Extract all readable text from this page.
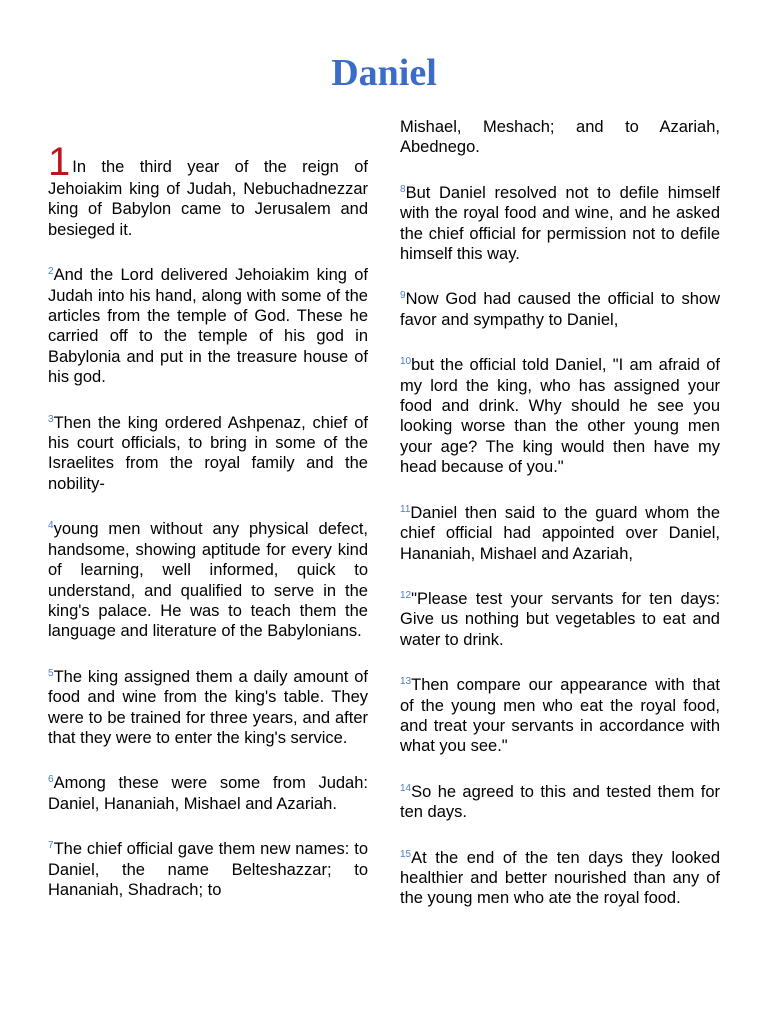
Daniel

1 In the third year of the reign of Jehoiakim king of Judah, Nebuchadnezzar king of Babylon came to Jerusalem and besieged it.

$^2$And the Lord delivered Jehoiakim king of Judah into his hand, along with some of the articles from the temple of God. These he carried off to the temple of his god in Babylonia and put in the treasure house of his god.

$^3$Then the king ordered Ashpenaz, chief of his court officials, to bring in some of the Israelites from the royal family and the nobility-

$^4$young men without any physical defect, handsome, showing aptitude for every kind of learning, well informed, quick to understand, and qualified to serve in the king's palace. He was to teach them the language and literature of the Babylonians.

$^5$The king assigned them a daily amount of food and wine from the king's table. They were to be trained for three years, and after that they were to enter the king's service.

$^6$Among these were some from Judah: Daniel, Hananiah, Mishael and Azariah.

$^7$The chief official gave them new names: to Daniel, the name Belteshazzar; to Hananiah, Shadrach; to

Mishael, Meshach; and to Azariah, Abednego.

$^8$But Daniel resolved not to defile himself with the royal food and wine, and he asked the chief official for permission not to defile himself this way.

$^9$Now God had caused the official to show favor and sympathy to Daniel,

$^{10}$but the official told Daniel, "I am afraid of my lord the king, who has assigned your food and drink. Why should he see you looking worse than the other young men your age? The king would then have my head because of you."

$^{11}$Daniel then said to the guard whom the chief official had appointed over Daniel, Hananiah, Mishael and Azariah,

$^{12}$"Please test your servants for ten days: Give us nothing but vegetables to eat and water to drink.

$^{13}$Then compare our appearance with that of the young men who eat the royal food, and treat your servants in accordance with what you see."

$^{14}$So he agreed to this and tested them for ten days.

$^{15}$At the end of the ten days they looked healthier and better nourished than any of the young men who ate the royal food.
